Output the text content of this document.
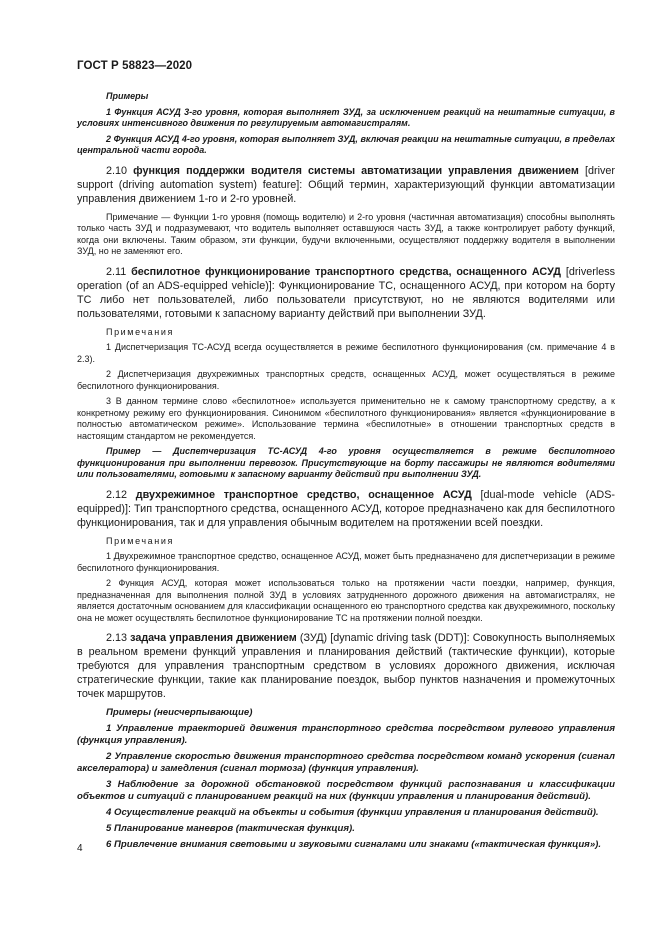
ГОСТ Р 58823—2020

Примеры

1 Функция АСУД 3-го уровня, которая выполняет ЗУД, за исключением реакций на нештатные ситуации, в условиях интенсивного движения по регулируемым автомагистралям.

2 Функция АСУД 4-го уровня, которая выполняет ЗУД, включая реакции на нештатные ситуации, в пределах центральной части города.

2.10 функция поддержки водителя системы автоматизации управления движением [driver support (driving automation system) feature]: Общий термин, характеризующий функции автоматизации управления движением 1-го и 2-го уровней.

Примечание — Функции 1-го уровня (помощь водителю) и 2-го уровня (частичная автоматизация) способны выполнять только часть ЗУД и подразумевают, что водитель выполняет оставшуюся часть ЗУД, а также контролирует работу функций, когда они включены. Таким образом, эти функции, будучи включенными, осуществляют поддержку водителя в выполнении ЗУД, но не заменяют его.

2.11 беспилотное функционирование транспортного средства, оснащенного АСУД [driverless operation (of an ADS-equipped vehicle)]: Функционирование ТС, оснащенного АСУД, при котором на борту ТС либо нет пользователей, либо пользователи присутствуют, но не являются водителями или пользователями, готовыми к запасному варианту действий при выполнении ЗУД.

Примечания

1 Диспетчеризация ТС-АСУД всегда осуществляется в режиме беспилотного функционирования (см. примечание 4 в 2.3).

2 Диспетчеризация двухрежимных транспортных средств, оснащенных АСУД, может осуществляться в режиме беспилотного функционирования.

3 В данном термине слово «беспилотное» используется применительно не к самому транспортному средству, а к конкретному режиму его функционирования. Синонимом «беспилотного функционирования» является «функционирование в полностью автоматическом режиме». Использование термина «беспилотные» в отношении транспортных средств в настоящим стандартом не рекомендуется.

Пример — Диспетчеризация ТС-АСУД 4-го уровня осуществляется в режиме беспилотного функционирования при выполнении перевозок. Присутствующие на борту пассажиры не являются водителями или пользователями, готовыми к запасному варианту действий при выполнении ЗУД.

2.12 двухрежимное транспортное средство, оснащенное АСУД [dual-mode vehicle (ADS-equipped)]: Тип транспортного средства, оснащенного АСУД, которое предназначено как для беспилотного функционирования, так и для управления обычным водителем на протяжении всей поездки.

Примечания

1 Двухрежимное транспортное средство, оснащенное АСУД, может быть предназначено для диспетчеризации в режиме беспилотного функционирования.

2 Функция АСУД, которая может использоваться только на протяжении части поездки, например, функция, предназначенная для выполнения полной ЗУД в условиях затрудненного дорожного движения на автомагистралях, не является достаточным основанием для классификации оснащенного ею транспортного средства как двухрежимного, поскольку она не может осуществлять беспилотное функционирование ТС на протяжении полной поездки.

2.13 задача управления движением (ЗУД) [dynamic driving task (DDT)]: Совокупность выполняемых в реальном времени функций управления и планирования действий (тактические функции), которые требуются для управления транспортным средством в условиях дорожного движения, исключая стратегические функции, такие как планирование поездок, выбор пунктов назначения и промежуточных точек маршрутов.

Примеры (неисчерпывающие)

1 Управление траекторией движения транспортного средства посредством рулевого управления (функция управления).

2 Управление скоростью движения транспортного средства посредством команд ускорения (сигнал акселератора) и замедления (сигнал тормоза) (функция управления).

3 Наблюдение за дорожной обстановкой посредством функций распознавания и классификации объектов и ситуаций с планированием реакций на них (функции управления и планирования действий).

4 Осуществление реакций на объекты и события (функции управления и планирования действий).

5 Планирование маневров (тактическая функция).

6 Привлечение внимания световыми и звуковыми сигналами или знаками («тактическая функция»).

4
